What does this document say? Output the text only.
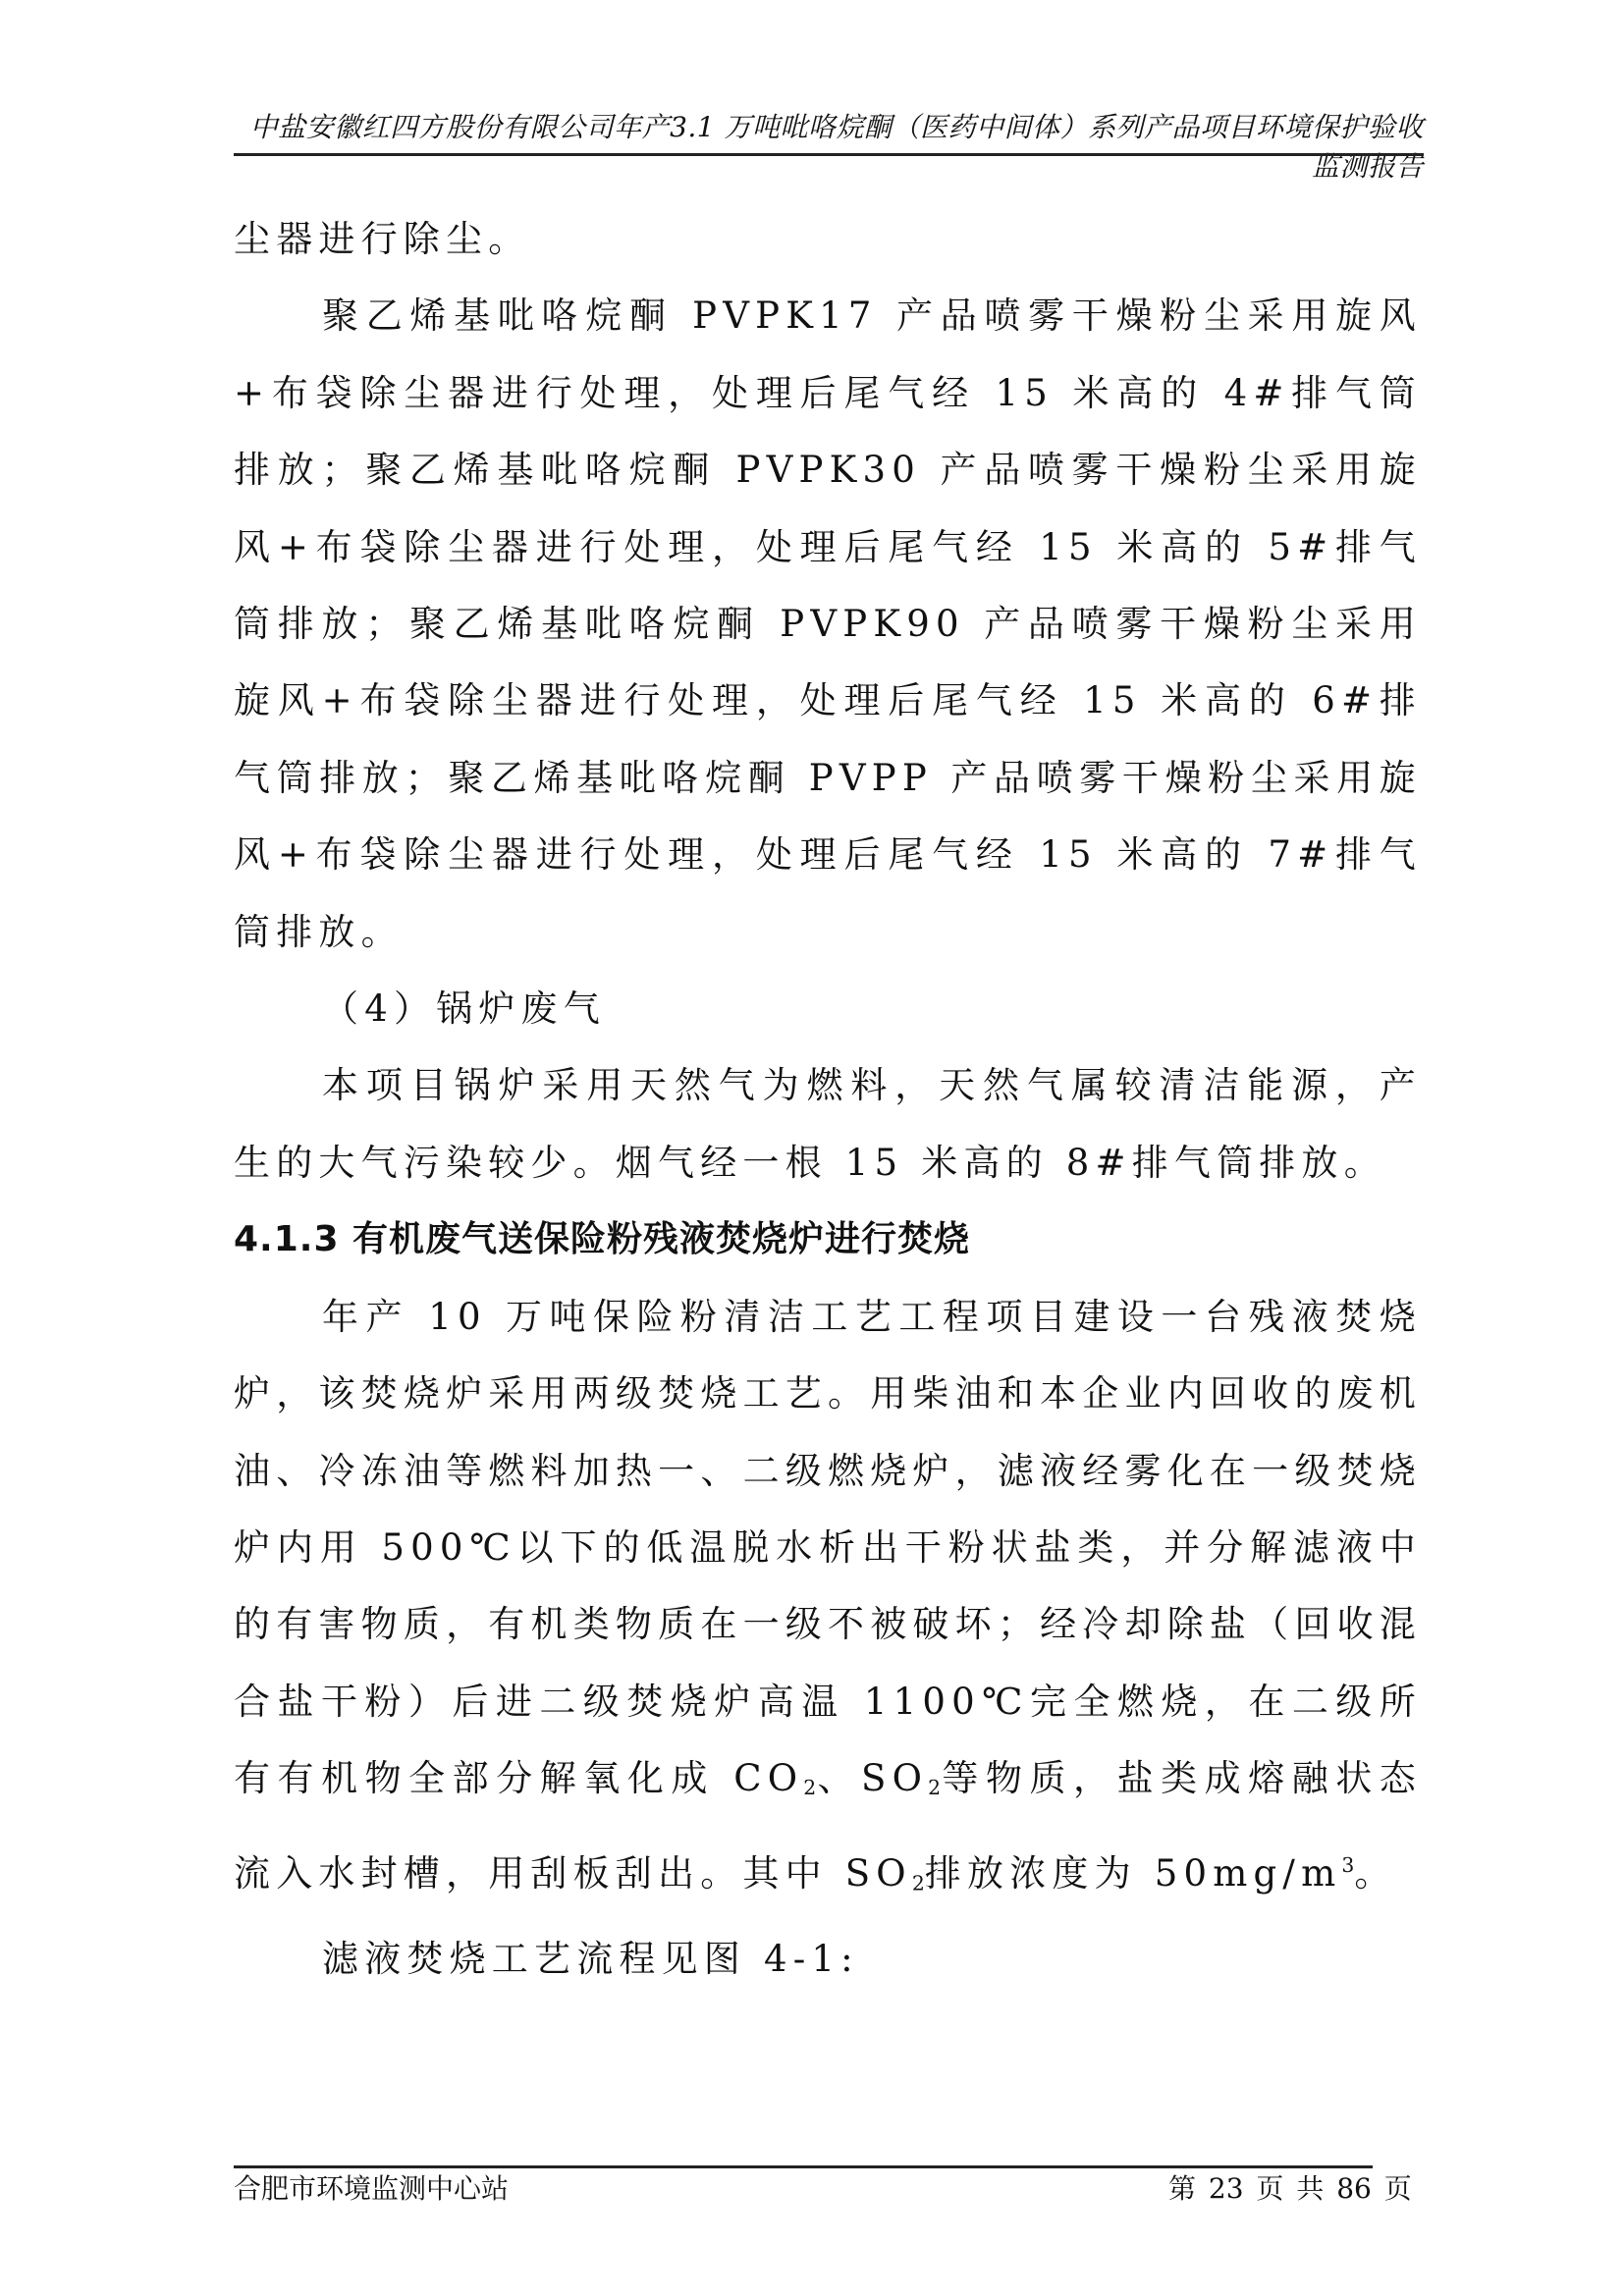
中盐安徽红四方股份有限公司年产3.1 万吨吡咯烷酮（医药中间体）系列产品项目环境保护验收监测报告

尘器进行除尘。

聚乙烯基吡咯烷酮 PVPK17 产品喷雾干燥粉尘采用旋风+布袋除尘器进行处理，处理后尾气经 15 米高的 4#排气筒排放；聚乙烯基吡咯烷酮 PVPK30 产品喷雾干燥粉尘采用旋风+布袋除尘器进行处理，处理后尾气经 15 米高的 5#排气筒排放；聚乙烯基吡咯烷酮 PVPK90 产品喷雾干燥粉尘采用旋风+布袋除尘器进行处理，处理后尾气经 15 米高的 6#排气筒排放；聚乙烯基吡咯烷酮 PVPP 产品喷雾干燥粉尘采用旋风+布袋除尘器进行处理，处理后尾气经 15 米高的 7#排气筒排放。

（4）锅炉废气

本项目锅炉采用天然气为燃料，天然气属较清洁能源，产生的大气污染较少。烟气经一根 15 米高的 8#排气筒排放。

4.1.3 有机废气送保险粉残液焚烧炉进行焚烧

年产 10 万吨保险粉清洁工艺工程项目建设一台残液焚烧炉，该焚烧炉采用两级焚烧工艺。用柴油和本企业内回收的废机油、冷冻油等燃料加热一、二级燃烧炉，滤液经雾化在一级焚烧炉内用 500℃以下的低温脱水析出干粉状盐类，并分解滤液中的有害物质，有机类物质在一级不被破坏；经冷却除盐（回收混合盐干粉）后进二级焚烧炉高温 1100℃完全燃烧，在二级所有有机物全部分解氧化成 $CO_2$、$SO_2$等物质，盐类成熔融状态流入水封槽，用刮板刮出。其中 $SO_2$排放浓度为 $50mg/m^3$。

滤液焚烧工艺流程见图 4-1:

合肥市环境监测中心站	第 23 页 共 86 页
